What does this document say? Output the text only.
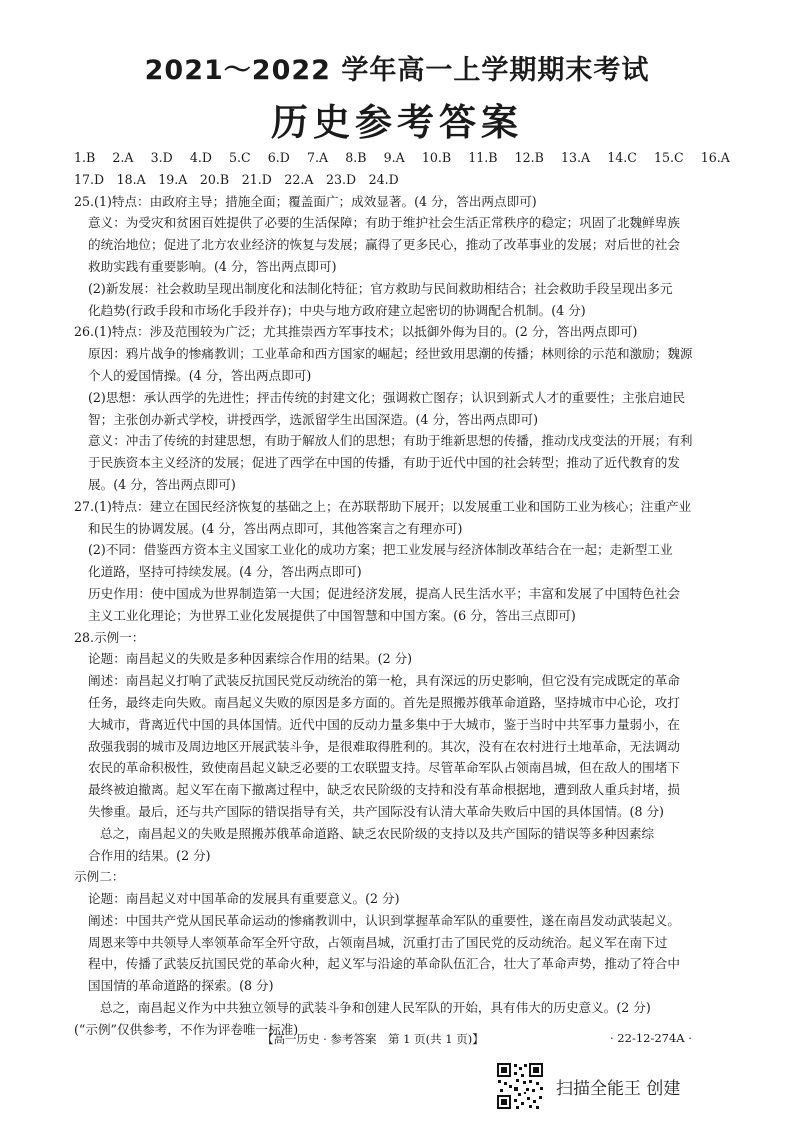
2021～2022 学年高一上学期期末考试
历史参考答案
1.B 2.A 3.D 4.D 5.C 6.D 7.A 8.B 9.A 10.B 11.B 12.B 13.A 14.C 15.C 16.A
17.D 18.A 19.A 20.B 21.D 22.A 23.D 24.D
25.(1)特点：由政府主导；措施全面；覆盖面广；成效显著。(4 分，答出两点即可)
意义：为受灾和贫困百姓提供了必要的生活保障；有助于维护社会生活正常秩序的稳定；巩固了北魏鲜卑族
的统治地位；促进了北方农业经济的恢复与发展；赢得了更多民心，推动了改革事业的发展；对后世的社会
救助实践有重要影响。(4 分，答出两点即可)
(2)新发展：社会救助呈现出制度化和法制化特征；官方救助与民间救助相结合；社会救助手段呈现出多元
化趋势(行政手段和市场化手段并存)；中央与地方政府建立起密切的协调配合机制。(4 分)
26.(1)特点：涉及范围较为广泛；尤其推崇西方军事技术；以抵御外侮为目的。(2 分，答出两点即可)
原因：鸦片战争的惨痛教训；工业革命和西方国家的崛起；经世致用思潮的传播；林则徐的示范和激励；魏源
个人的爱国情操。(4 分，答出两点即可)
(2)思想：承认西学的先进性；抨击传统的封建文化；强调救亡图存；认识到新式人才的重要性；主张启迪民
智；主张创办新式学校，讲授西学，选派留学生出国深造。(4 分，答出两点即可)
意义：冲击了传统的封建思想，有助于解放人们的思想；有助于维新思想的传播，推动戊戌变法的开展；有利
于民族资本主义经济的发展；促进了西学在中国的传播，有助于近代中国的社会转型；推动了近代教育的发
展。(4 分，答出两点即可)
27.(1)特点：建立在国民经济恢复的基础之上；在苏联帮助下展开；以发展重工业和国防工业为核心；注重产业
和民生的协调发展。(4 分，答出两点即可，其他答案言之有理亦可)
(2)不同：借鉴西方资本主义国家工业化的成功方案；把工业发展与经济体制改革结合在一起；走新型工业
化道路，坚持可持续发展。(4 分，答出两点即可)
历史作用：使中国成为世界制造第一大国；促进经济发展，提高人民生活水平；丰富和发展了中国特色社会
主义工业化理论；为世界工业化发展提供了中国智慧和中国方案。(6 分，答出三点即可)
28.示例一：
论题：南昌起义的失败是多种因素综合作用的结果。(2 分)
阐述：南昌起义打响了武装反抗国民党反动统治的第一枪，具有深远的历史影响，但它没有完成既定的革命
任务，最终走向失败。南昌起义失败的原因是多方面的。首先是照搬苏俄革命道路，坚持城市中心论，攻打
大城市，背离近代中国的具体国情。近代中国的反动力量多集中于大城市，鉴于当时中共军事力量弱小，在
敌强我弱的城市及周边地区开展武装斗争，是很难取得胜利的。其次，没有在农村进行土地革命，无法调动
农民的革命积极性，致使南昌起义缺乏必要的工农联盟支持。尽管革命军队占领南昌城，但在敌人的围堵下
最终被迫撤离。起义军在南下撤离过程中，缺乏农民阶级的支持和没有革命根据地，遭到敌人重兵封堵，损
失惨重。最后，还与共产国际的错误指导有关，共产国际没有认清大革命失败后中国的具体国情。(8 分)
总之，南昌起义的失败是照搬苏俄革命道路、缺乏农民阶级的支持以及共产国际的错误等多种因素综
合作用的结果。(2 分)
示例二：
论题：南昌起义对中国革命的发展具有重要意义。(2 分)
阐述：中国共产党从国民革命运动的惨痛教训中，认识到掌握革命军队的重要性，遂在南昌发动武装起义。
周恩来等中共领导人率领革命军全歼守敌，占领南昌城，沉重打击了国民党的反动统治。起义军在南下过
程中，传播了武装反抗国民党的革命火种，起义军与沿途的革命队伍汇合，壮大了革命声势，推动了符合中
国国情的革命道路的探索。(8 分)
总之，南昌起义作为中共独立领导的武装斗争和创建人民军队的开始，具有伟大的历史意义。(2 分)
(“示例”仅供参考，不作为评卷唯一标准)
【高一历史 · 参考答案　第 1 页(共 1 页)】	· 22-12-274A ·
扫描全能王 创建
